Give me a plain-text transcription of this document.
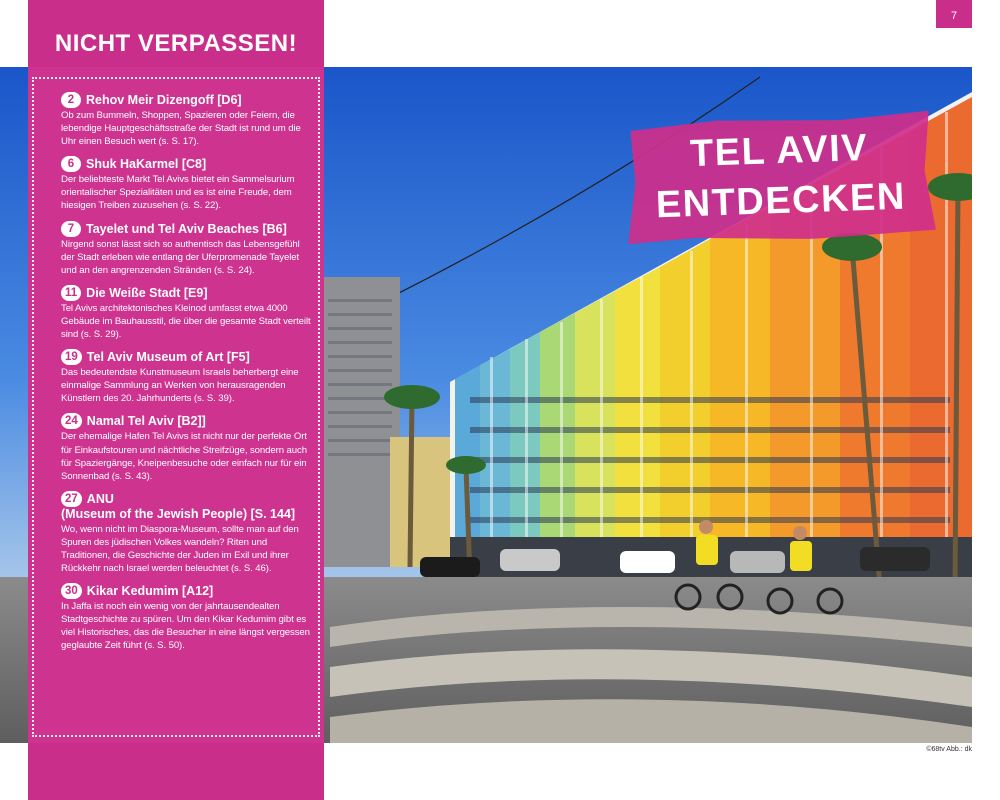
NICHT VERPASSEN!
2 Rehov Meir Dizengoff [D6]
Ob zum Bummeln, Shoppen, Spazieren oder Feiern, die lebendige Hauptgeschäftsstraße der Stadt ist rund um die Uhr einen Besuch wert (s. S. 17).
6 Shuk HaKarmel [C8]
Der beliebteste Markt Tel Avivs bietet ein Sammelsurium orientalischer Spezialitäten und es ist eine Freude, dem hiesigen Treiben zuzusehen (s. S. 22).
7 Tayelet und Tel Aviv Beaches [B6]
Nirgend sonst lässt sich so authentisch das Lebensgefühl der Stadt erleben wie entlang der Uferpromenade Tayelet und an den angrenzenden Stränden (s. S. 24).
11 Die Weiße Stadt [E9]
Tel Avivs architektonisches Kleinod umfasst etwa 4000 Gebäude im Bauhausstil, die über die gesamte Stadt verteilt sind (s. S. 29).
19 Tel Aviv Museum of Art [F5]
Das bedeutendste Kunstmuseum Israels beherbergt eine einmalige Sammlung an Werken von herausragenden Künstlern des 20. Jahrhunderts (s. S. 39).
24 Namal Tel Aviv [B2]]
Der ehemalige Hafen Tel Avivs ist nicht nur der perfekte Ort für Einkaufstouren und nächtliche Streifzüge, sondern auch für Spaziergänge, Kneipenbesuche oder einfach nur für ein Sonnenbad (s. S. 43).
27 ANU
(Museum of the Jewish People) [S. 144]
Wo, wenn nicht im Diaspora-Museum, sollte man auf den Spuren des jüdischen Volkes wandeln? Riten und Traditionen, die Geschichte der Juden im Exil und ihrer Rückkehr nach Israel werden beleuchtet (s. S. 46).
30 Kikar Kedumim [A12]
In Jaffa ist noch ein wenig von der jahrtausendealten Stadtgeschichte zu spüren. Um den Kikar Kedumim gibt es viel Historisches, das die Besucher in eine längst vergessen geglaubte Zeit führt (s. S. 50).
TEL AVIV
ENTDECKEN
7
©68tv Abb.: dk
